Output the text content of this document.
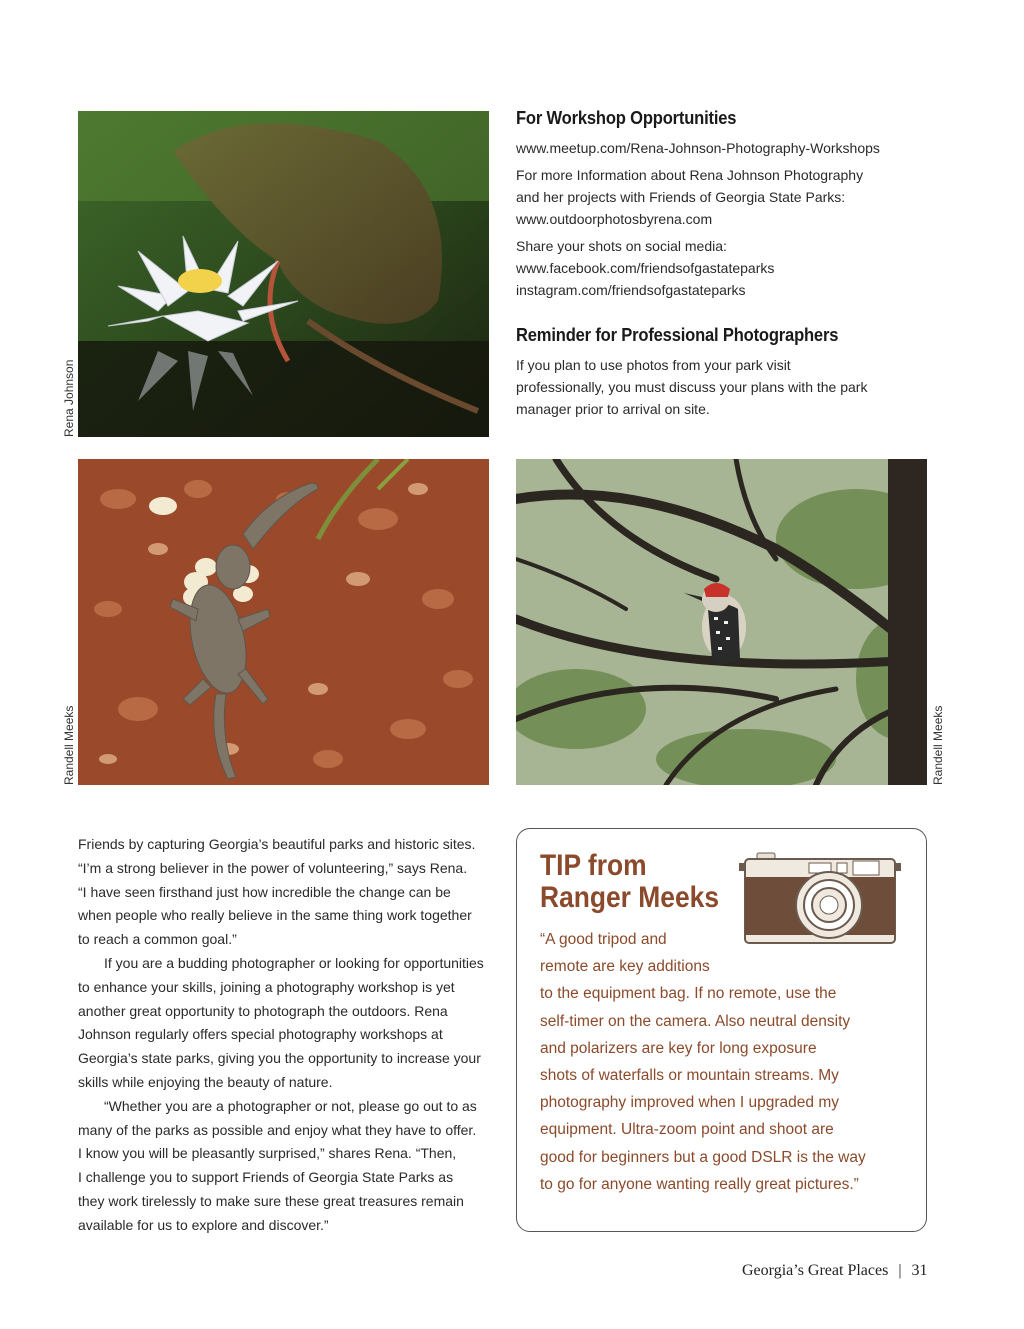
Rena Johnson
Randell Meeks	Randell Meeks
For Workshop Opportunities
www.meetup.com/Rena-Johnson-Photography-Workshops
For more Information about Rena Johnson Photography
and her projects with Friends of Georgia State Parks:
www.outdoorphotosbyrena.com
Share your shots on social media:
www.facebook.com/friendsofgastateparks
instagram.com/friendsofgastateparks
Reminder for Professional Photographers
If you plan to use photos from your park visit
professionally, you must discuss your plans with the park
manager prior to arrival on site.

Friends by capturing Georgia’s beautiful parks and historic sites.
“I’m a strong believer in the power of volunteering,” says Rena.
“I have seen firsthand just how incredible the change can be
when people who really believe in the same thing work together
to reach a common goal.”

If you are a budding photographer or looking for opportunities
to enhance your skills, joining a photography workshop is yet
another great opportunity to photograph the outdoors. Rena
Johnson regularly offers special photography workshops at
Georgia’s state parks, giving you the opportunity to increase your
skills while enjoying the beauty of nature.

“Whether you are a photographer or not, please go out to as
many of the parks as possible and enjoy what they have to offer.
I know you will be pleasantly surprised,” shares Rena. “Then,
I challenge you to support Friends of Georgia State Parks as
they work tirelessly to make sure these great treasures remain
available for us to explore and discover.”

TIP from
Ranger Meeks
“A good tripod and
remote are key additions
to the equipment bag. If no remote, use the
self-timer on the camera. Also neutral density
and polarizers are key for long exposure
shots of waterfalls or mountain streams. My
photography improved when I upgraded my
equipment. Ultra-zoom point and shoot are
good for beginners but a good DSLR is the way
to go for anyone wanting really great pictures.”
Georgia’s Great Places | 31
